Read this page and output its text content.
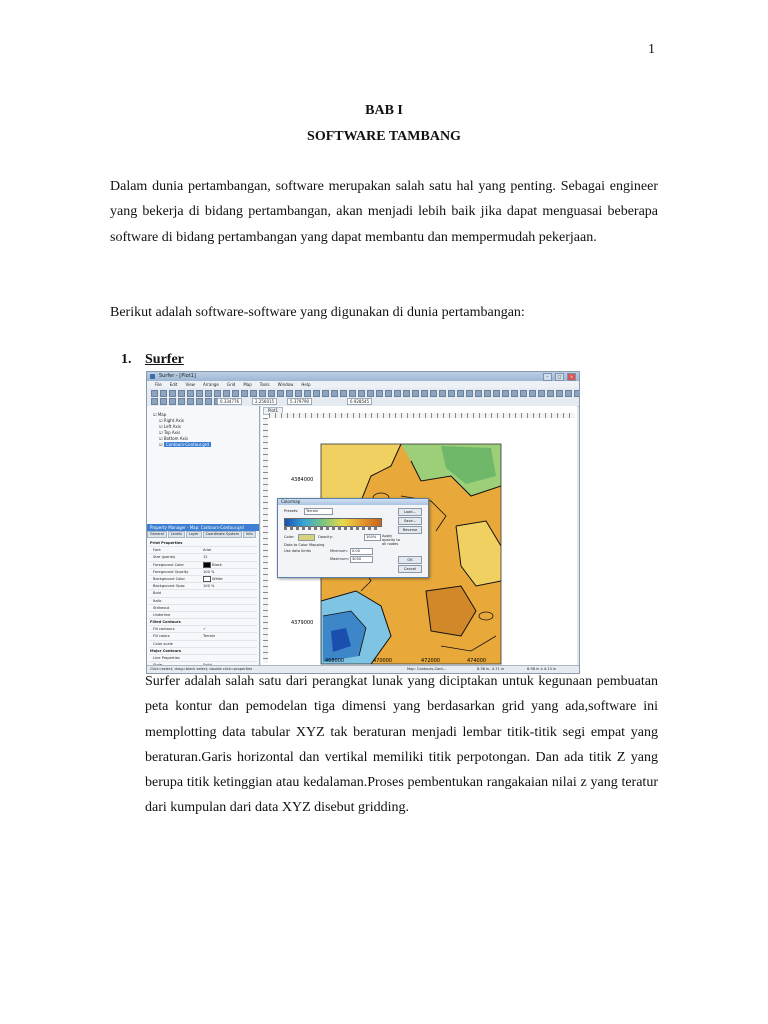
1
BAB I
SOFTWARE TAMBANG

Dalam dunia pertambangan, software merupakan salah satu hal yang penting. Sebagai engineer yang bekerja di bidang pertambangan, akan menjadi lebih baik jika dapat menguasai beberapa software di bidang pertambangan yang dapat membantu dan mempermudah pekerjaan.

Berikut adalah software-software yang digunakan di dunia pertambangan:

1. Surfer
Surfer - [Plot1]	–	□	×
File Edit View Arrange Grid Map Tools Window Help
0.334776	2.256015	5.379790	6.928545
☑ Map
☑ Right Axis
☑ Left Axis
☑ Top Axis
☑ Bottom Axis
☑ Contours-Contour.grd
Property Manager - Map: Contours-Contour.grd
General	Levels	Layer	Coordinate System	Info
Print Properties
Font	Arial
Size (points)	12
Foreground Color	Black
Foreground Opacity	100 %
Background Color	White
Background Opac	100 %
Bold
Italic
Strikeout
Underline
Filled Contours
Fill contours	✓
Fill colors	Terrain
Color scale
Major Contours
Line Properties
Plot1
4384000
4379000
468000	470000	472000	474000
Colormap
Presets:	Terrain
Color:	Opacity:	100%	Apply opacity to all nodes
Data to Color Mapping
Use data limits	Minimum:	0.00
Maximum: 3050
Load...
Save...
Reverse
OK
Cancel
Click=select, drag=block select, double click=properties	Map: Contours-Cont...	8.36 in, 4.71 in	6.98 in x 4.13 in

Surfer adalah salah satu dari perangkat lunak yang diciptakan untuk kegunaan pembuatan peta kontur dan pemodelan tiga dimensi yang berdasarkan grid yang ada,software ini memplotting data tabular XYZ tak beraturan menjadi lembar titik-titik segi empat yang beraturan.Garis horizontal dan vertikal memiliki titik perpotongan. Dan ada titik Z yang berupa titik ketinggian atau kedalaman.Proses pembentukan rangakaian nilai z yang teratur dari kumpulan dari data XYZ disebut gridding.
